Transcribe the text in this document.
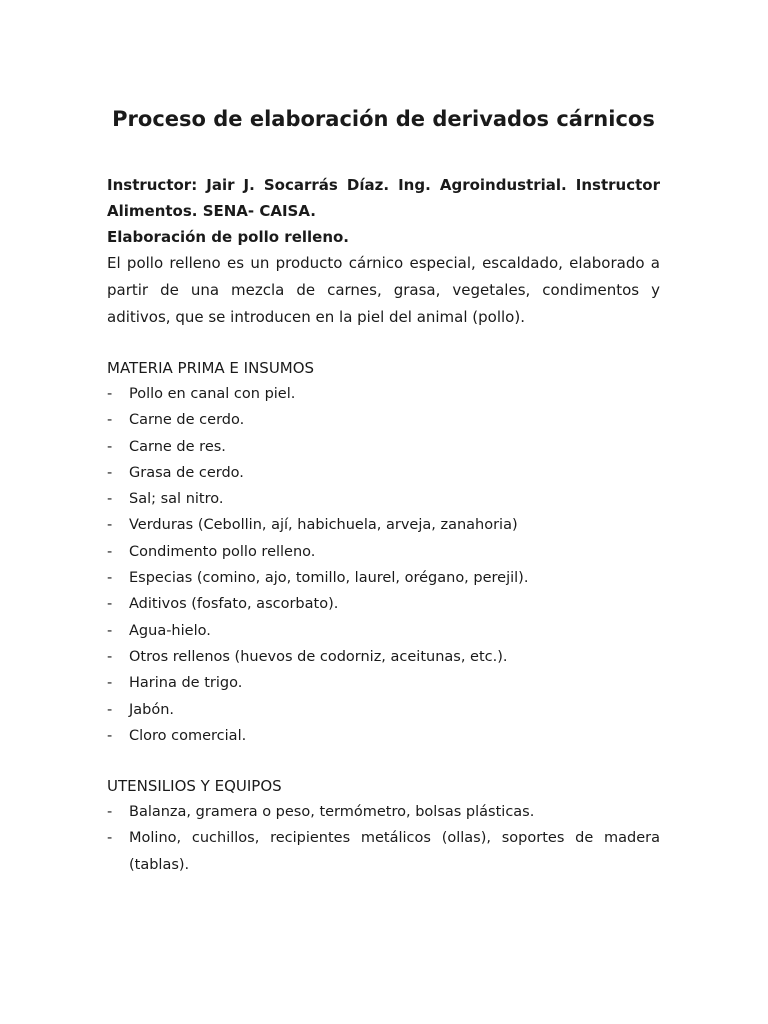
Proceso de elaboración de derivados cárnicos
Instructor: Jair J. Socarrás Díaz. Ing. Agroindustrial. Instructor Alimentos. SENA- CAISA.
Elaboración de pollo relleno.
El pollo relleno es un producto cárnico especial, escaldado, elaborado a partir de una mezcla de carnes, grasa, vegetales, condimentos y aditivos, que se introducen en la piel del animal (pollo).
MATERIA PRIMA E INSUMOS
- Pollo en canal con piel.
- Carne de cerdo.
- Carne de res.
- Grasa de cerdo.
- Sal; sal nitro.
- Verduras (Cebollin, ají, habichuela, arveja, zanahoria)
- Condimento pollo relleno.
- Especias (comino, ajo, tomillo, laurel, orégano, perejil).
- Aditivos (fosfato, ascorbato).
- Agua-hielo.
- Otros rellenos (huevos de codorniz, aceitunas, etc.).
- Harina de trigo.
- Jabón.
- Cloro comercial.
UTENSILIOS Y EQUIPOS
- Balanza, gramera o peso, termómetro, bolsas plásticas.
- Molino, cuchillos, recipientes metálicos (ollas), soportes de madera (tablas).
